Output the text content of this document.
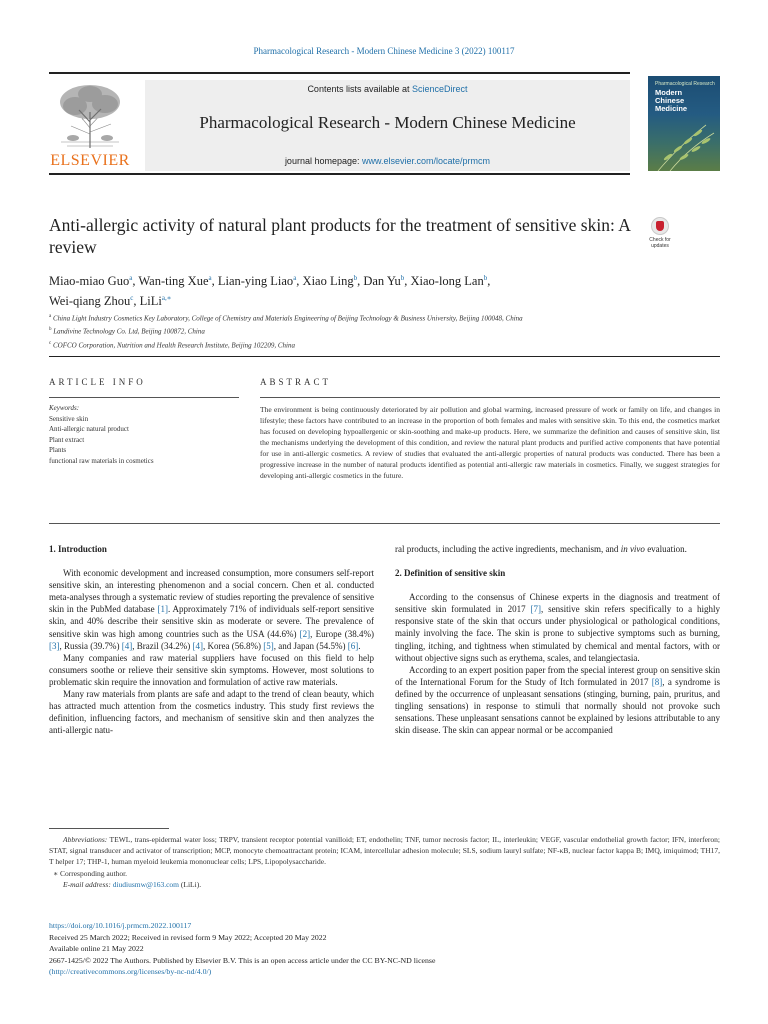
Pharmacological Research - Modern Chinese Medicine 3 (2022) 100117
ELSEVIER
Contents lists available at ScienceDirect
Pharmacological Research - Modern Chinese Medicine
journal homepage: www.elsevier.com/locate/prmcm
Pharmacological Research
Modern
Chinese
Medicine
Anti-allergic activity of natural plant products for the treatment of sensitive skin: A review	Check for
updates
Miao-miao Guo$^a$, Wan-ting Xue$^a$, Lian-ying Liao$^a$, Xiao Ling$^b$, Dan Yu$^b$, Xiao-long Lan$^b$,
Wei-qiang Zhou$^c$, LiLi$^{a,∗}$
$^a$ China Light Industry Cosmetics Key Laboratory, College of Chemistry and Materials Engineering of Beijing Technology & Business University, Beijing 100048, China
$^b$ Landivine Technology Co. Ltd, Beijing 100872, China
$^c$ COFCO Corporation, Nutrition and Health Research Institute, Beijing 102209, China
ARTICLE INFO	ABSTRACT
Keywords:
Sensitive skin
Anti-allergic natural product
Plant extract
Plants
functional raw materials in cosmetics
The environment is being continuously deteriorated by air pollution and global warming, increased pressure of work or family on life, and changes in lifestyle; these factors have contributed to an increase in the proportion of both females and males with sensitive skin. To this end, the cosmetics market has focused on developing hypoallergenic or skin-soothing and make-up products. Here, we summarize the definition and causes of sensitive skin, list the mechanisms underlying the development of this condition, and review the natural plant products and purified active components that have potential for use in anti-allergic cosmetics. A review of studies that evaluated the anti-allergic properties of natural products was conducted. There has been a progressive increase in the number of natural products identified as potential anti-allergic raw materials in cosmetics. Finally, we suggest strategies for developing anti-allergic cosmetics in the future.
1. Introduction
With economic development and increased consumption, more consumers self-report sensitive skin, an interesting phenomenon and a social concern. Chen et al. conducted meta-analyses through a systematic review of studies reporting the prevalence of sensitive skin in the PubMed database [1]. Approximately 71% of individuals self-report sensitive skin, and 40% describe their sensitive skin as moderate or severe. The prevalence of sensitive skin was high among countries such as the USA (44.6%) [2], Europe (38.4%) [3], Russia (39.7%) [4], Brazil (34.2%) [4], Korea (56.8%) [5], and Japan (54.5%) [6].
Many companies and raw material suppliers have focused on this field to help consumers soothe or relieve their sensitive skin symptoms. However, most solutions to problematic skin require the innovation and formulation of active raw materials.
Many raw materials from plants are safe and adapt to the trend of clean beauty, which has attracted much attention from the cosmetics industry. This study first reviews the definition, influencing factors, and mechanism of sensitive skin and then analyzes the anti-allergic natu-
ral products, including the active ingredients, mechanism, and in vivo evaluation.
2. Definition of sensitive skin
According to the consensus of Chinese experts in the diagnosis and treatment of sensitive skin formulated in 2017 [7], sensitive skin refers specifically to a highly responsive state of the skin that occurs under physiological or pathological conditions, mainly involving the face. The skin is prone to subjective symptoms such as burning, tingling, itching, and tightness when stimulated by chemical and mental factors, with or without objective signs such as erythema, scales, and telangiectasia.
According to an expert position paper from the special interest group on sensitive skin of the International Forum for the Study of Itch formulated in 2017 [8], a syndrome is defined by the occurrence of unpleasant sensations (stinging, burning, pain, pruritus, and tingling sensations) in response to stimuli that normally should not provoke such sensations. These unpleasant sensations cannot be explained by lesions attributable to any skin disease. The skin can appear normal or be accompanied
Abbreviations: TEWL, trans-epidermal water loss; TRPV, transient receptor potential vanilloid; ET, endothelin; TNF, tumor necrosis factor; IL, interleukin; VEGF, vascular endothelial growth factor; IFN, interferon; STAT, signal transducer and activator of transcription; MCP, monocyte chemoattractant protein; ICAM, intercellular adhesion molecule; SLS, sodium lauryl sulfate; NF-κB, nuclear factor kappa B; IMQ, imiquimod; TH17, T helper 17; THP-1, human myeloid leukemia mononuclear cells; LPS, Lipopolysaccharide.
∗ Corresponding author.
E-mail address: diudiusmw@163.com (LiLi).
https://doi.org/10.1016/j.prmcm.2022.100117
Received 25 March 2022; Received in revised form 9 May 2022; Accepted 20 May 2022
Available online 21 May 2022
2667-1425/© 2022 The Authors. Published by Elsevier B.V. This is an open access article under the CC BY-NC-ND license
(http://creativecommons.org/licenses/by-nc-nd/4.0/)
